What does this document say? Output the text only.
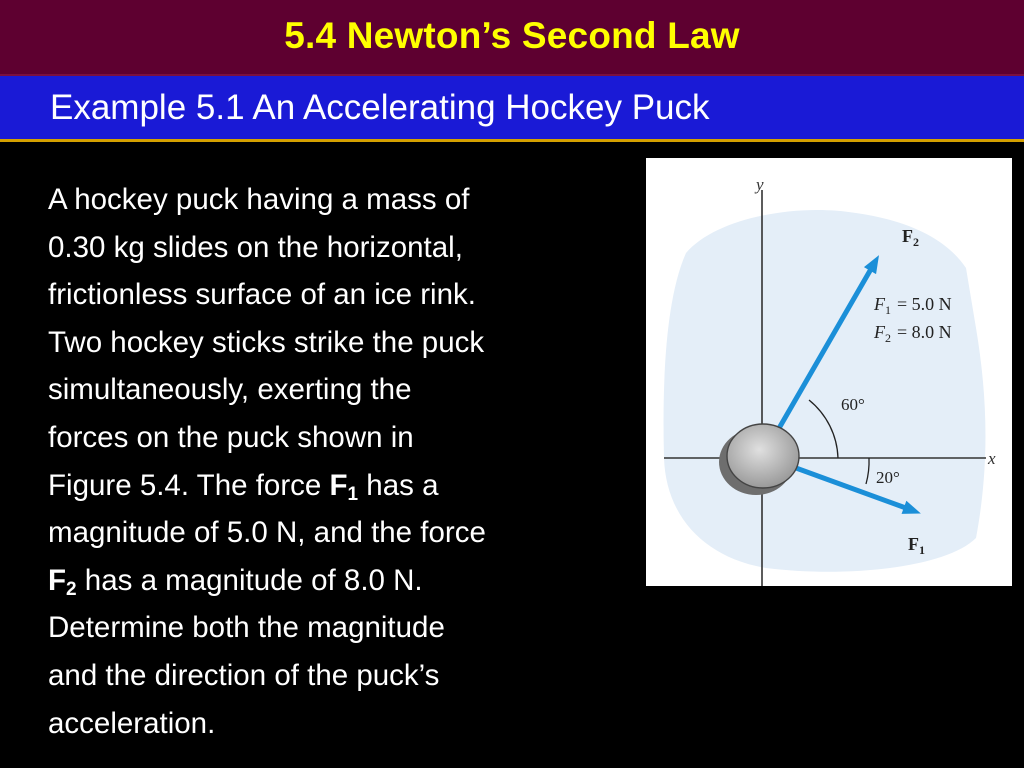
5.4 Newton’s Second Law
Example 5.1 An Accelerating Hockey Puck

A hockey puck having a mass of
0.30 kg slides on the horizontal,
frictionless surface of an ice rink.
Two hockey sticks strike the puck
simultaneously, exerting the
forces on the puck shown in
Figure 5.4. The force $F_1$ has a
magnitude of 5.0 N, and the force
$F_2$ has a magnitude of 8.0 N.
Determine both the magnitude
and the direction of the puck’s
acceleration.

y
x
$F_2$
$F_1$
$F_1 = 5.0$ N
$F_2 = 8.0$ N
60°
20°
